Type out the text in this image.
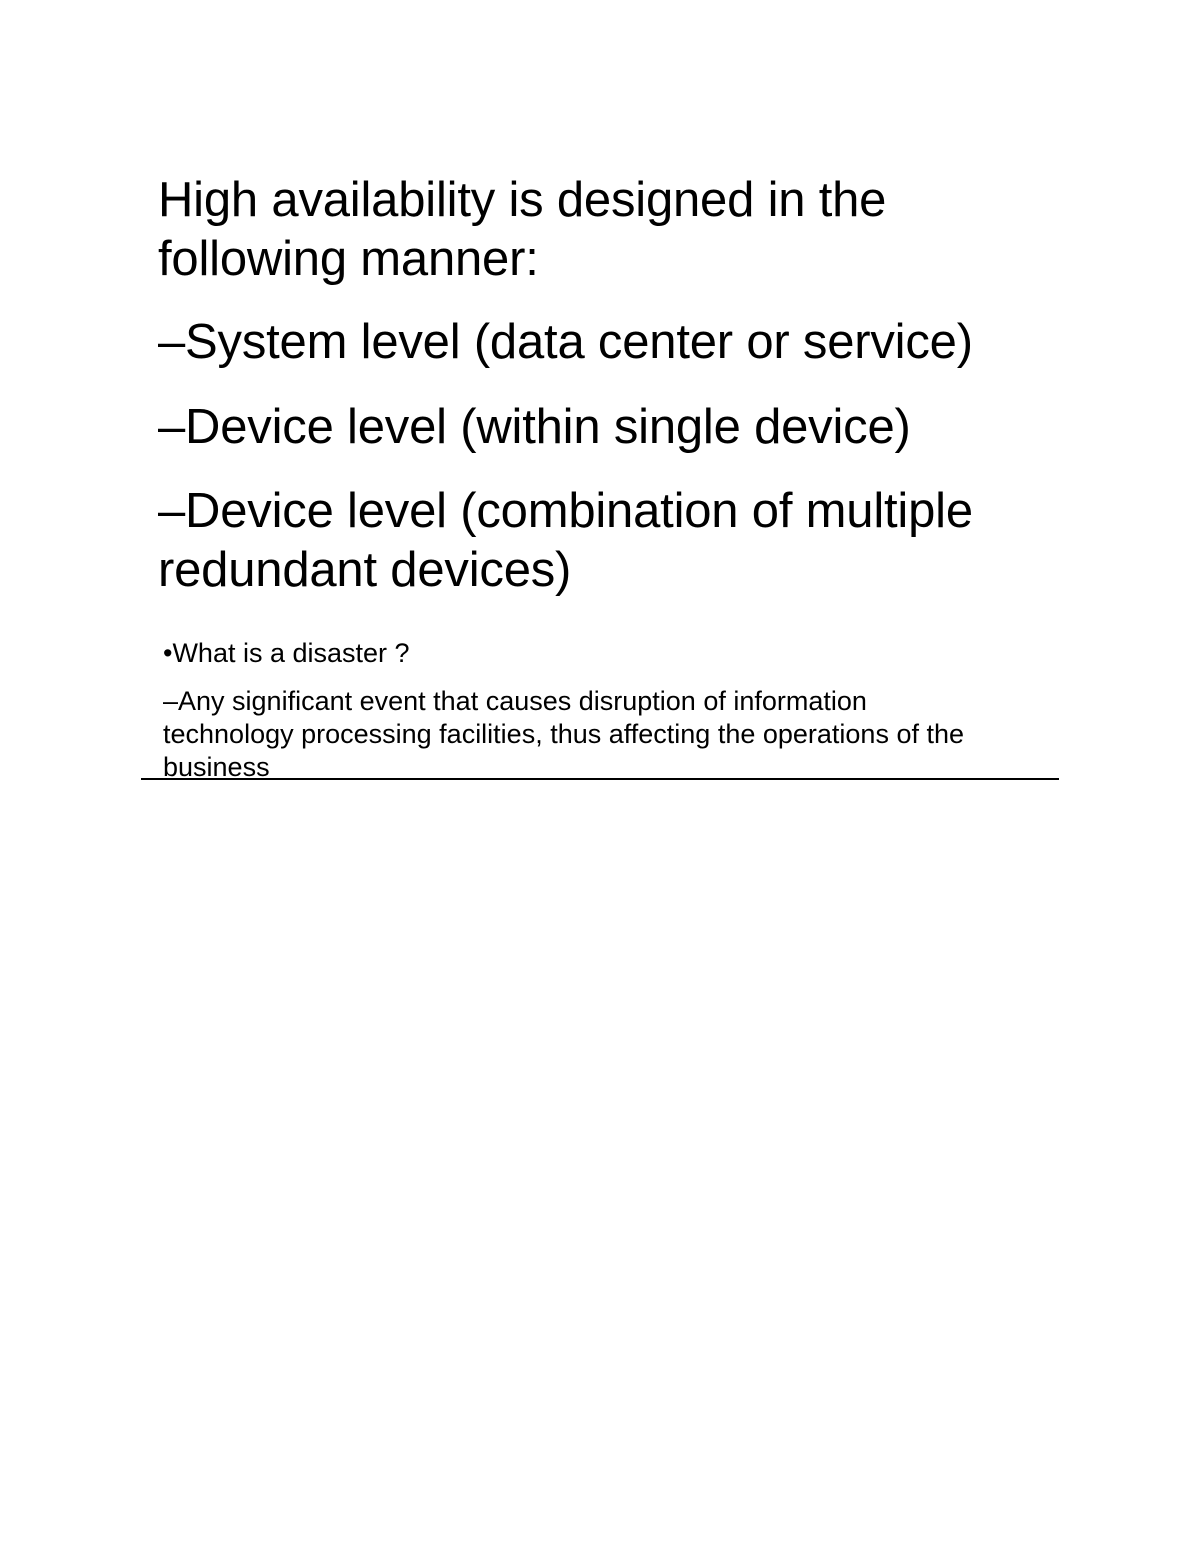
High availability is designed in the
following manner:
–System level (data center or service)
–Device level (within single device)
–Device level (combination of multiple
redundant devices)
•What is a disaster ?
–Any significant event that causes disruption of information
technology processing facilities, thus affecting the operations of the
business
